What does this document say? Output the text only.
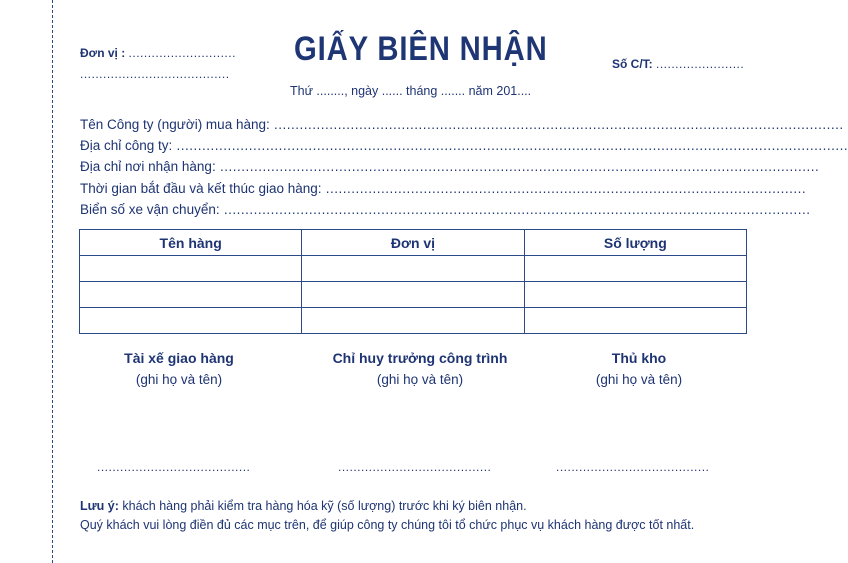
Đơn vị : ............................
.......................................
GIẤY BIÊN NHẬN	Số C/T: .......................
Thứ ........, ngày ...... tháng ....... năm 201....
Tên Công ty (người) mua hàng: ......................................................................................................................................
Địa chỉ công ty: ..............................................................................................................................................................
Địa chỉ nơi nhận hàng: .............................................................................................................................................
Thời gian bắt đầu và kết thúc giao hàng: .................................................................................................................
Biển số xe vận chuyển: ..........................................................................................................................................
Tên hàng	Đơn vị	Số lượng

Tài xế giao hàng
(ghi họ và tên)
Chỉ huy trưởng công trình
(ghi họ và tên)
Thủ kho
(ghi họ và tên)
........................................	........................................	........................................
Lưu ý: khách hàng phải kiểm tra hàng hóa kỹ (số lượng) trước khi ký biên nhận.
Quý khách vui lòng điền đủ các mục trên, để giúp công ty chúng tôi tổ chức phục vụ khách hàng được tốt nhất.
